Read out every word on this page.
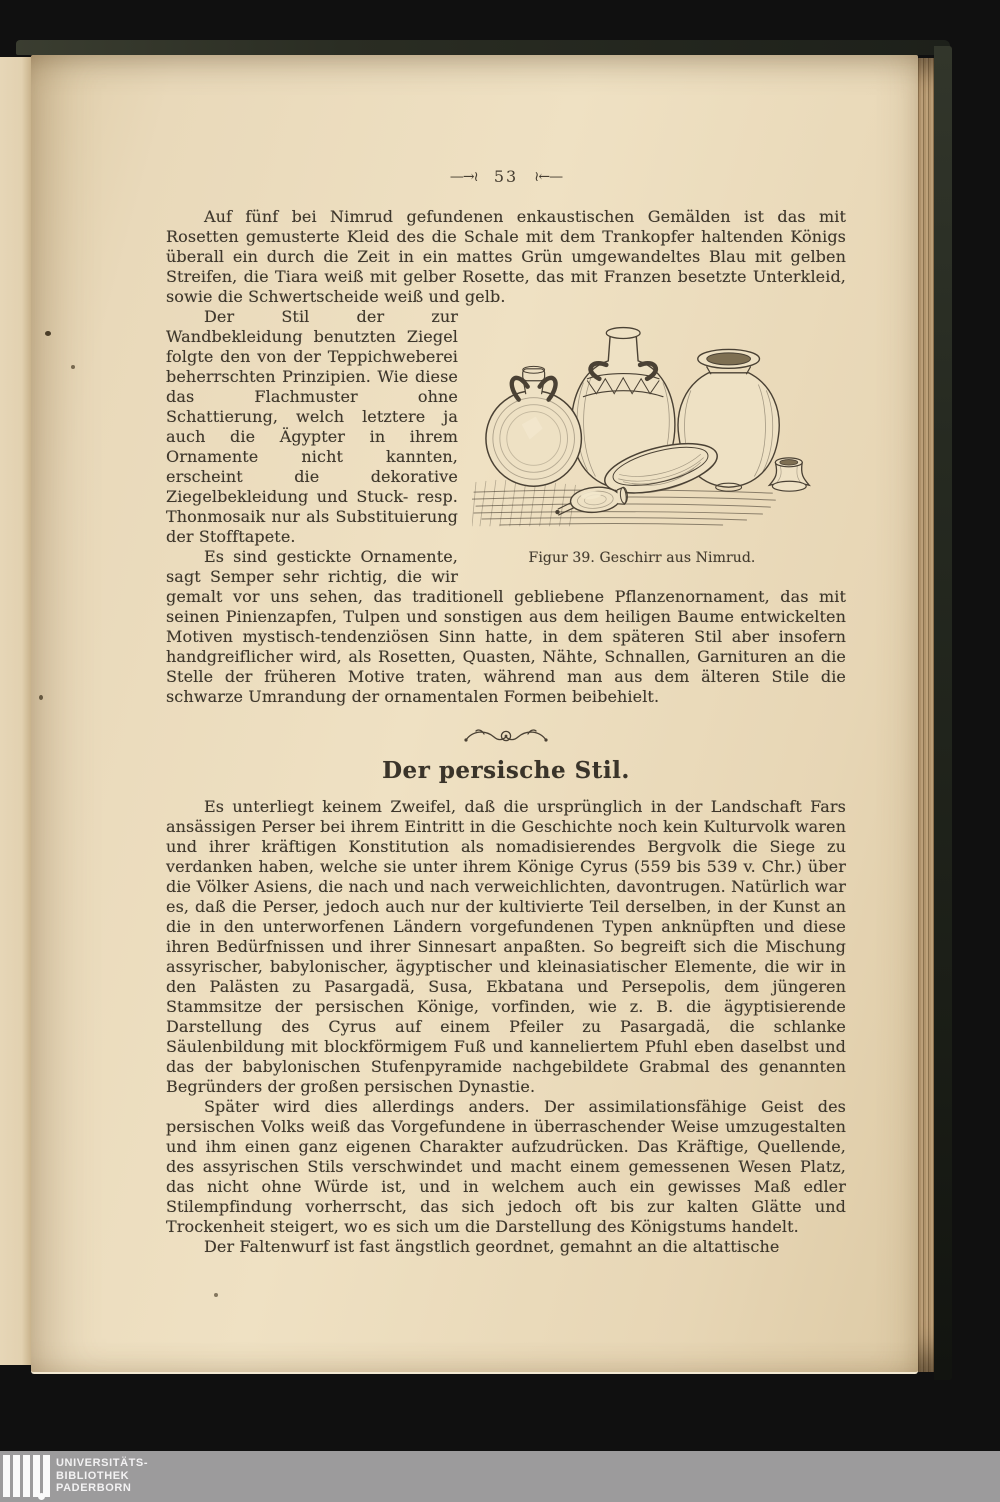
—→≀ 53 ≀←—

Auf fünf bei Nimrud gefundenen enkaustischen Gemälden ist das mit Rosetten gemusterte Kleid des die Schale mit dem Trankopfer haltenden Königs überall ein durch die Zeit in ein mattes Grün umgewandeltes Blau mit gelben Streifen, die Tiara weiß mit gelber Rosette, das mit Franzen besetzte Unterkleid, sowie die Schwertscheide weiß und gelb.

Figur 39. Geschirr aus Nimrud.

Der Stil der zur Wandbekleidung benutzten Ziegel folgte den von der Teppichweberei beherrschten Prinzipien. Wie diese das Flachmuster ohne Schattierung, welch letztere ja auch die Ägypter in ihrem Ornamente nicht kannten, erscheint die dekorative Ziegelbekleidung und Stuck- resp. Thonmosaik nur als Substituierung der Stofftapete.

Es sind gestickte Ornamente, sagt Semper sehr richtig, die wir gemalt vor uns sehen, das traditionell gebliebene Pflanzenornament, das mit seinen Pinienzapfen, Tulpen und sonstigen aus dem heiligen Baume entwickelten Motiven mystisch-tendenziösen Sinn hatte, in dem späteren Stil aber insofern handgreiflicher wird, als Rosetten, Quasten, Nähte, Schnallen, Garnituren an die Stelle der früheren Motive traten, während man aus dem älteren Stile die schwarze Umrandung der ornamentalen Formen beibehielt.

Der persische Stil.

Es unterliegt keinem Zweifel, daß die ursprünglich in der Landschaft Fars ansässigen Perser bei ihrem Eintritt in die Geschichte noch kein Kulturvolk waren und ihrer kräftigen Konstitution als nomadisierendes Bergvolk die Siege zu verdanken haben, welche sie unter ihrem Könige Cyrus (559 bis 539 v. Chr.) über die Völker Asiens, die nach und nach verweichlichten, davontrugen. Natürlich war es, daß die Perser, jedoch auch nur der kultivierte Teil derselben, in der Kunst an die in den unterworfenen Ländern vorgefundenen Typen anknüpften und diese ihren Bedürfnissen und ihrer Sinnesart anpaßten. So begreift sich die Mischung assyrischer, babylonischer, ägyptischer und kleinasiatischer Elemente, die wir in den Palästen zu Pasargadä, Susa, Ekbatana und Persepolis, dem jüngeren Stammsitze der persischen Könige, vorfinden, wie z. B. die ägyptisierende Darstellung des Cyrus auf einem Pfeiler zu Pasargadä, die schlanke Säulenbildung mit blockförmigem Fuß und kanneliertem Pfuhl eben daselbst und das der babylonischen Stufenpyramide nachgebildete Grabmal des genannten Begründers der großen persischen Dynastie.

Später wird dies allerdings anders. Der assimilationsfähige Geist des persischen Volks weiß das Vorgefundene in überraschender Weise umzugestalten und ihm einen ganz eigenen Charakter aufzudrücken. Das Kräftige, Quellende, des assyrischen Stils verschwindet und macht einem gemessenen Wesen Platz, das nicht ohne Würde ist, und in welchem auch ein gewisses Maß edler Stilempfindung vorherrscht, das sich jedoch oft bis zur kalten Glätte und Trockenheit steigert, wo es sich um die Darstellung des Königstums handelt.

Der Faltenwurf ist fast ängstlich geordnet, gemahnt an die altattische

UNIVERSITÄTS-
BIBLIOTHEK
PADERBORN
